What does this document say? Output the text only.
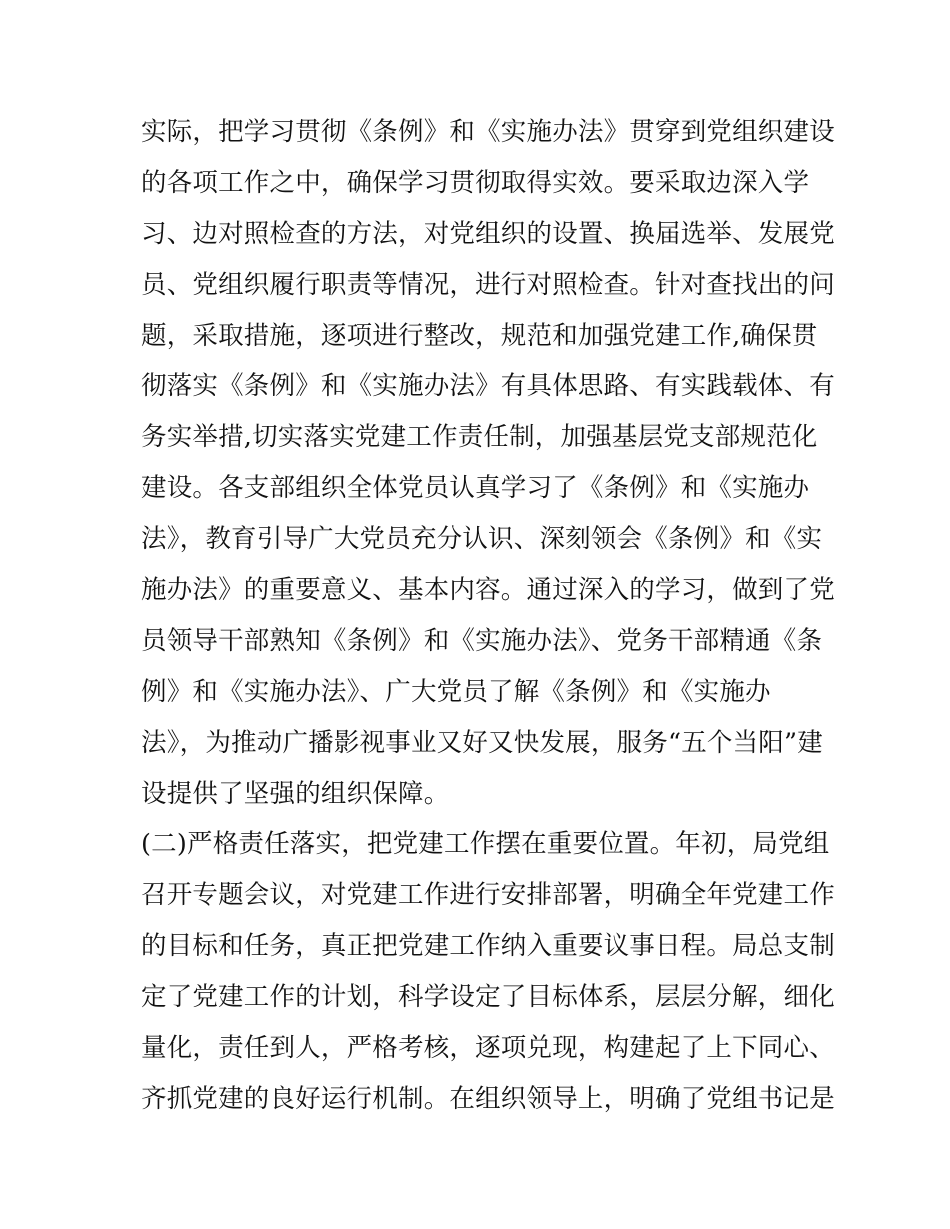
实际，把学习贯彻《条例》和《实施办法》贯穿到党组织建设
的各项工作之中，确保学习贯彻取得实效。要采取边深入学
习、边对照检查的方法，对党组织的设置、换届选举、发展党
员、党组织履行职责等情况，进行对照检查。针对查找出的问
题，采取措施，逐项进行整改，规范和加强党建工作,确保贯
彻落实《条例》和《实施办法》有具体思路、有实践载体、有
务实举措,切实落实党建工作责任制，加强基层党支部规范化
建设。各支部组织全体党员认真学习了《条例》和《实施办
法》，教育引导广大党员充分认识、深刻领会《条例》和《实
施办法》的重要意义、基本内容。通过深入的学习，做到了党
员领导干部熟知《条例》和《实施办法》、党务干部精通《条
例》和《实施办法》、广大党员了解《条例》和《实施办
法》，为推动广播影视事业又好又快发展，服务“五个当阳”建
设提供了坚强的组织保障。
(二)严格责任落实，把党建工作摆在重要位置。年初，局党组
召开专题会议，对党建工作进行安排部署，明确全年党建工作
的目标和任务，真正把党建工作纳入重要议事日程。局总支制
定了党建工作的计划，科学设定了目标体系，层层分解，细化
量化，责任到人，严格考核，逐项兑现，构建起了上下同心、
齐抓党建的良好运行机制。在组织领导上，明确了党组书记是
